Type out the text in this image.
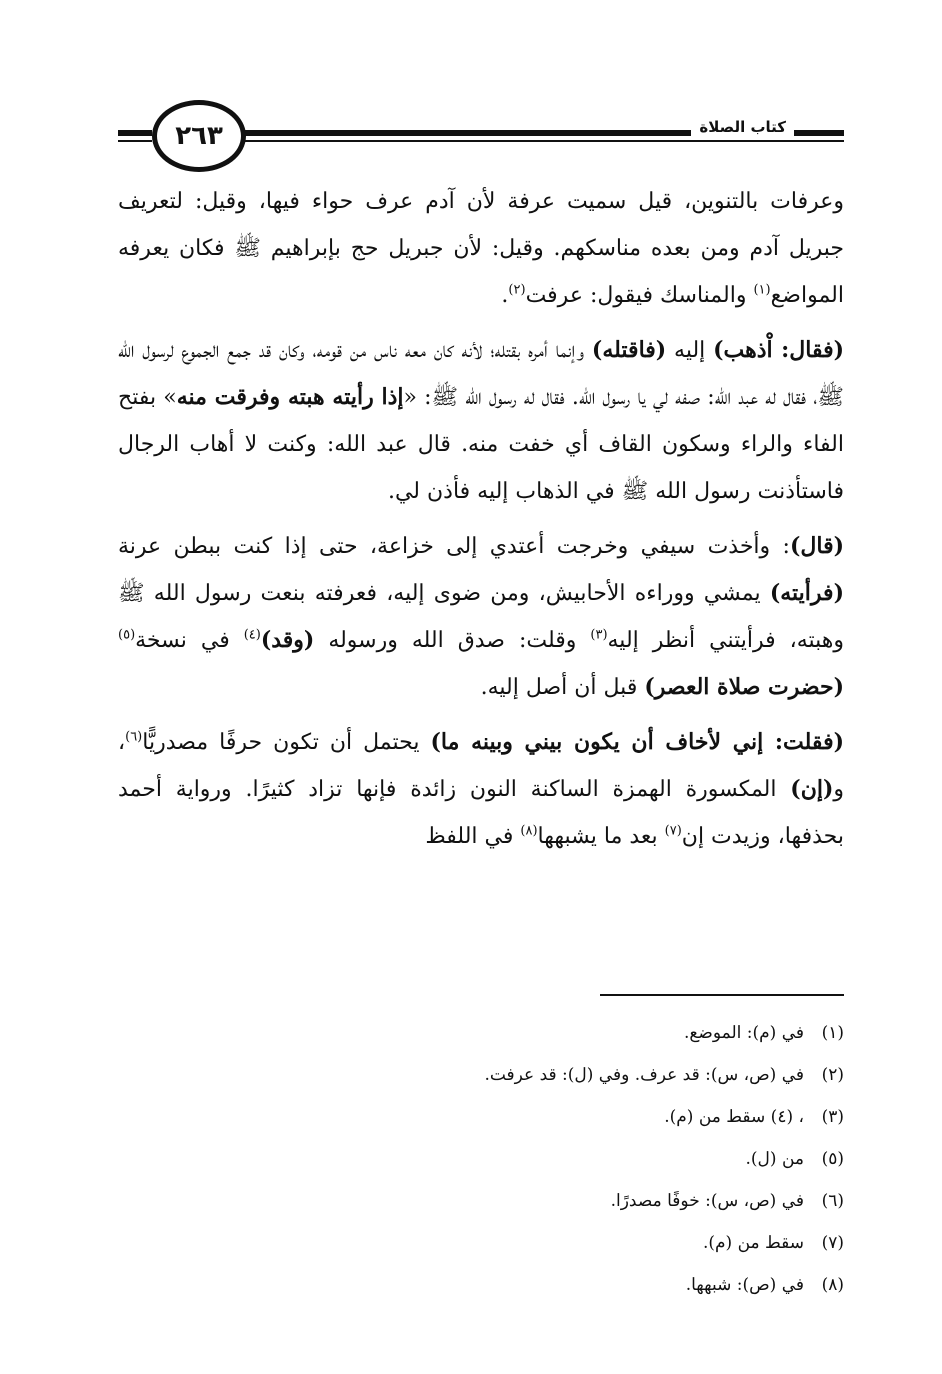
٢٦٣	كتاب الصلاة

وعرفات بالتنوين، قيل سميت عرفة لأن آدم عرف حواء فيها، وقيل: لتعريف جبريل آدم ومن بعده مناسكهم. وقيل: لأن جبريل حج بإبراهيم ﷺ فكان يعرفه المواضع$^{(١)}$ والمناسك فيقول: عرفت$^{(٢)}$.

(فقال: اْذهب) إليه (فاقتله) وإنما أمره بقتله؛ لأنه كان معه ناس من قومه، وكان قد جمع الجموع لرسول الله ﷺ، فقال له عبد الله: صفه لي يا رسول الله. فقال له رسول الله ﷺ: «إذا رأيته هبته وفرقت منه» بفتح الفاء والراء وسكون القاف أي خفت منه. قال عبد الله: وكنت لا أهاب الرجال فاستأذنت رسول الله ﷺ في الذهاب إليه فأذن لي.

(قال): وأخذت سيفي وخرجت أعتدي إلى خزاعة، حتى إذا كنت ببطن عرنة (فرأيته) يمشي ووراءه الأحابيش، ومن ضوى إليه، فعرفته بنعت رسول الله ﷺ وهبته، فرأيتني أنظر إليه$^{(٣)}$ وقلت: صدق الله ورسوله (وقد)$^{(٤)}$ في نسخة$^{(٥)}$ (حضرت صلاة العصر) قبل أن أصل إليه.

(فقلت: إني لأخاف أن يكون بيني وبينه ما) يحتمل أن تكون حرفًا مصدريًّا$^{(٦)}$، و(إن) المكسورة الهمزة الساكنة النون زائدة فإنها تزاد كثيرًا. ورواية أحمد بحذفها، وزيدت إن$^{(٧)}$ بعد ما يشبهها$^{(٨)}$ في اللفظ

(١)
في (م): الموضع.
(٢)
في (ص، س): قد عرف. وفي (ل): قد عرفت.
(٣)
، (٤) سقط من (م).
(٥)
من (ل).
(٦)
في (ص، س): خوفًا مصدرًا.
(٧)
سقط من (م).
(٨)
في (ص): شبهها.
